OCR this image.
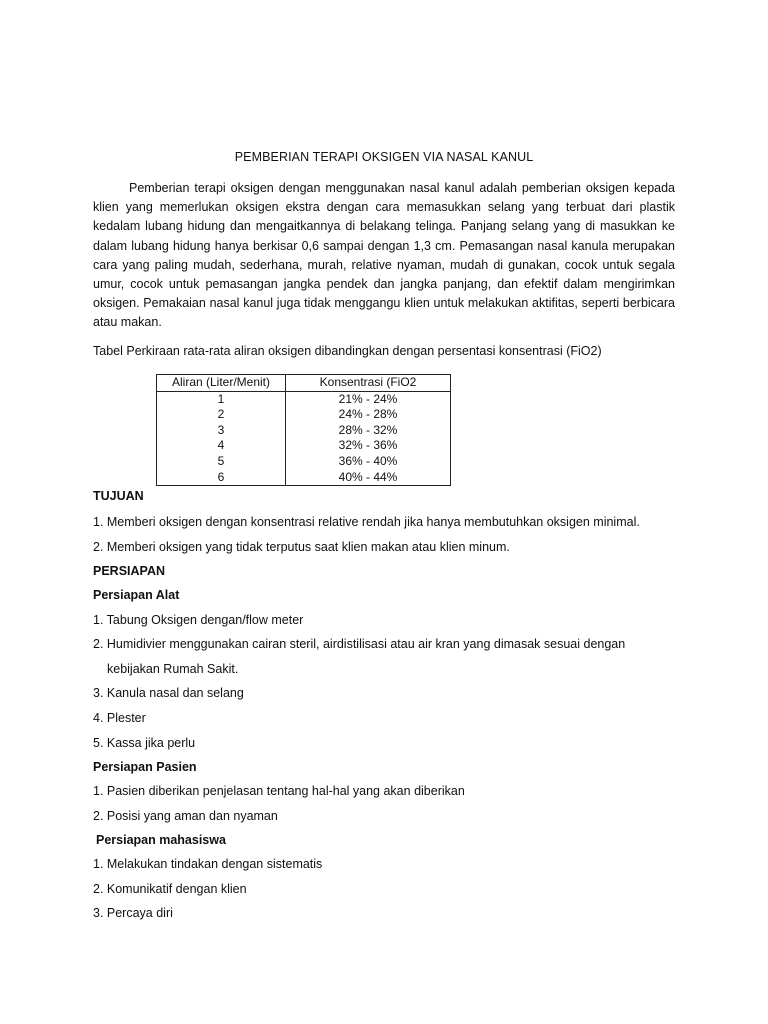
PEMBERIAN TERAPI OKSIGEN VIA NASAL KANUL

Pemberian terapi oksigen dengan menggunakan nasal kanul adalah pemberian oksigen kepada klien yang memerlukan oksigen ekstra dengan cara memasukkan selang yang terbuat dari plastik kedalam lubang hidung dan mengaitkannya di belakang telinga. Panjang selang yang di masukkan ke dalam lubang hidung hanya berkisar 0,6 sampai dengan 1,3 cm. Pemasangan nasal kanula merupakan cara yang paling mudah, sederhana, murah, relative nyaman, mudah di gunakan, cocok untuk segala umur, cocok untuk pemasangan jangka pendek dan jangka panjang, dan efektif dalam mengirimkan oksigen. Pemakaian nasal kanul juga tidak menggangu klien untuk melakukan aktifitas, seperti berbicara atau makan.

Tabel Perkiraan rata-rata aliran oksigen dibandingkan dengan persentasi konsentrasi (FiO2)
Aliran (Liter/Menit)	Konsentrasi (FiO2
1	21% - 24%
2	24% - 28%
3	28% - 32%
4	32% - 36%
5	36% - 40%
6	40% - 44%
TUJUAN
1. Memberi oksigen dengan konsentrasi relative rendah jika hanya membutuhkan oksigen minimal.
2. Memberi oksigen yang tidak terputus saat klien makan atau klien minum.
PERSIAPAN
Persiapan Alat
1. Tabung Oksigen dengan/flow meter
2. Humidivier menggunakan cairan steril, airdistilisasi atau air kran yang dimasak sesuai dengan
kebijakan Rumah Sakit.
3. Kanula nasal dan selang
4. Plester
5. Kassa jika perlu
Persiapan Pasien
1. Pasien diberikan penjelasan tentang hal-hal yang akan diberikan
2. Posisi yang aman dan nyaman
Persiapan mahasiswa
1. Melakukan tindakan dengan sistematis
2. Komunikatif dengan klien
3. Percaya diri
